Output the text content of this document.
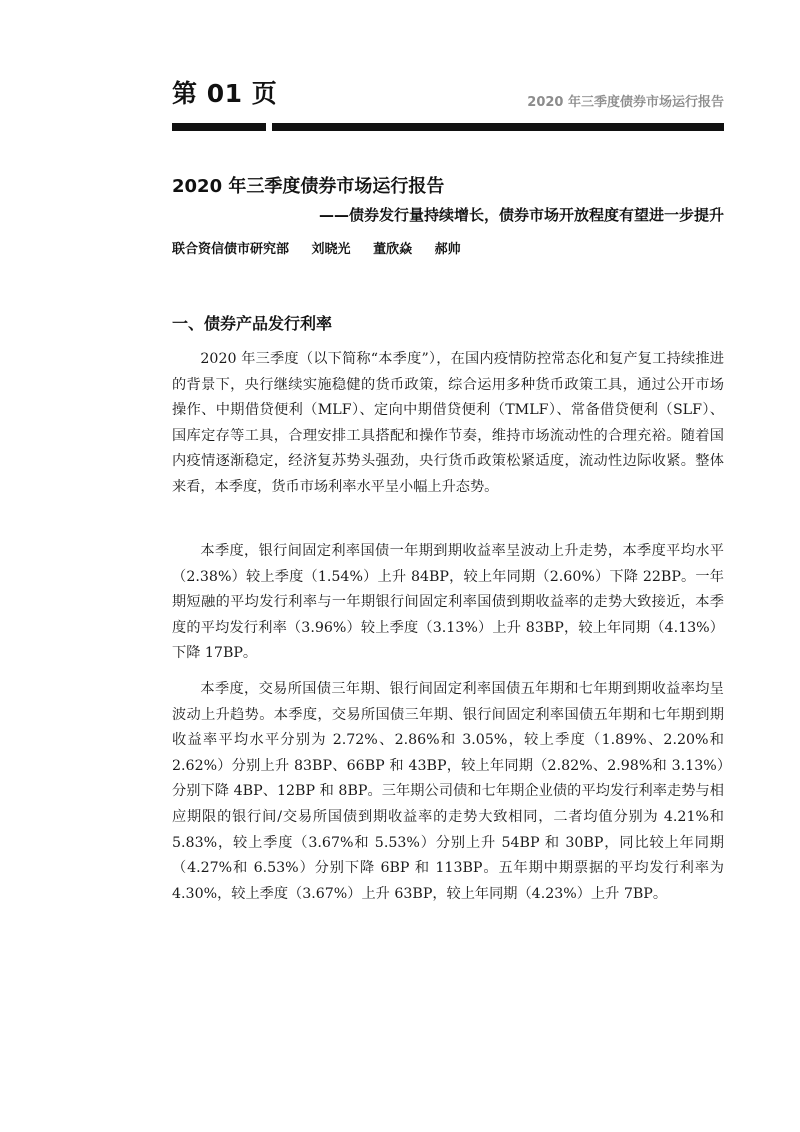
第 01 页	2020 年三季度债券市场运行报告
2020 年三季度债券市场运行报告
——债券发行量持续增长，债券市场开放程度有望进一步提升
联合资信债市研究部 刘晓光 董欣焱 郝帅
一、债券产品发行利率

2020 年三季度（以下简称“本季度”），在国内疫情防控常态化和复产复工持续推进的背景下，央行继续实施稳健的货币政策，综合运用多种货币政策工具，通过公开市场操作、中期借贷便利（MLF）、定向中期借贷便利（TMLF）、常备借贷便利（SLF）、国库定存等工具，合理安排工具搭配和操作节奏，维持市场流动性的合理充裕。随着国内疫情逐渐稳定，经济复苏势头强劲，央行货币政策松紧适度，流动性边际收紧。整体来看，本季度，货币市场利率水平呈小幅上升态势。

本季度，银行间固定利率国债一年期到期收益率呈波动上升走势，本季度平均水平（2.38%）较上季度（1.54%）上升 84BP，较上年同期（2.60%）下降 22BP。一年期短融的平均发行利率与一年期银行间固定利率国债到期收益率的走势大致接近，本季度的平均发行利率（3.96%）较上季度（3.13%）上升 83BP，较上年同期（4.13%）下降 17BP。

本季度，交易所国债三年期、银行间固定利率国债五年期和七年期到期收益率均呈波动上升趋势。本季度，交易所国债三年期、银行间固定利率国债五年期和七年期到期收益率平均水平分别为 2.72%、2.86%和 3.05%，较上季度（1.89%、2.20%和 2.62%）分别上升 83BP、66BP 和 43BP，较上年同期（2.82%、2.98%和 3.13%）分别下降 4BP、12BP 和 8BP。三年期公司债和七年期企业债的平均发行利率走势与相应期限的银行间/交易所国债到期收益率的走势大致相同，二者均值分别为 4.21%和 5.83%，较上季度（3.67%和 5.53%）分别上升 54BP 和 30BP，同比较上年同期（4.27%和 6.53%）分别下降 6BP 和 113BP。五年期中期票据的平均发行利率为 4.30%，较上季度（3.67%）上升 63BP，较上年同期（4.23%）上升 7BP。
